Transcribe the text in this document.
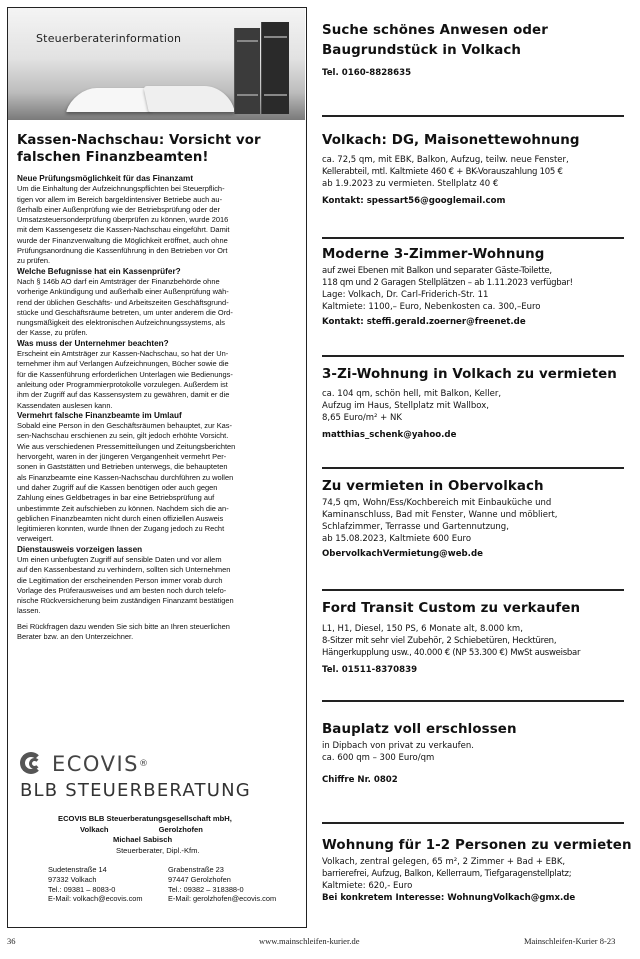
Steuerberaterinformation
Kassen-Nachschau: Vorsicht vor falschen Finanzbeamten!
Neue Prüfungsmöglichkeit für das Finanzamt

Um die Einhaltung der Aufzeichnungspflichten bei Steuerpflich-

tigen vor allem im Bereich bargeldintensiver Betriebe auch au-

ßerhalb einer Außenprüfung wie der Betriebsprüfung oder der

Umsatzsteuersonderprüfung überprüfen zu können, wurde 2016

mit dem Kassengesetz die Kassen-Nachschau eingeführt. Damit

wurde der Finanzverwaltung die Möglichkeit eröffnet, auch ohne

Prüfungsanordnung die Kassenführung in den Betrieben vor Ort

zu prüfen.

Welche Befugnisse hat ein Kassenprüfer?

Nach § 146b AO darf ein Amtsträger der Finanzbehörde ohne

vorherige Ankündigung und außerhalb einer Außenprüfung wäh-

rend der üblichen Geschäfts- und Arbeitszeiten Geschäftsgrund-

stücke und Geschäftsräume betreten, um unter anderem die Ord-

nungsmäßigkeit des elektronischen Aufzeichnungssystems, als

der Kasse, zu prüfen.

Was muss der Unternehmer beachten?

Erscheint ein Amtsträger zur Kassen-Nachschau, so hat der Un-

ternehmer ihm auf Verlangen Aufzeichnungen, Bücher sowie die

für die Kassenführung erforderlichen Unterlagen wie Bedienungs-

anleitung oder Programmierprotokolle vorzulegen. Außerdem ist

ihm der Zugriff auf das Kassensystem zu gewähren, damit er die

Kassendaten auslesen kann.

Vermehrt falsche Finanzbeamte im Umlauf

Sobald eine Person in den Geschäftsräumen behauptet, zur Kas-

sen-Nachschau erschienen zu sein, gilt jedoch erhöhte Vorsicht.

Wie aus verschiedenen Pressemitteilungen und Zeitungsberichten

hervorgeht, waren in der jüngeren Vergangenheit vermehrt Per-

sonen in Gaststätten und Betrieben unterwegs, die behaupteten

als Finanzbeamte eine Kassen-Nachschau durchführen zu wollen

und daher Zugriff auf die Kassen benötigen oder auch gegen

Zahlung eines Geldbetrages in bar eine Betriebsprüfung auf

unbestimmte Zeit aufschieben zu können. Nachdem sich die an-

geblichen Finanzbeamten nicht durch einen offiziellen Ausweis

legitimieren konnten, wurde Ihnen der Zugang jedoch zu Recht

verweigert.

Dienstausweis vorzeigen lassen

Um einen unbefugten Zugriff auf sensible Daten und vor allem

auf den Kassenbestand zu verhindern, sollten sich Unternehmen

die Legitimation der erscheinenden Person immer vorab durch

Vorlage des Prüferausweises und am besten noch durch telefo-

nische Rückversicherung beim zuständigen Finanzamt bestätigen

lassen.

Bei Rückfragen dazu wenden Sie sich bitte an Ihren steuerlichen

Berater bzw. an den Unterzeichner.

ECOVIS ®
BLB STEUERBERATUNG
ECOVIS BLB Steuerberatungsgesellschaft mbH,
Volkach	Gerolzhofen
Michael Sabisch
Steuerberater, Dipl.-Kfm.
Sudetenstraße 14
97332 Volkach
Tel.: 09381 – 8083-0
E-Mail: volkach@ecovis.com
Grabenstraße 23
97447 Gerolzhofen
Tel.: 09382 – 318388-0
E-Mail: gerolzhofen@ecovis.com
Suche schönes Anwesen oder
Baugrundstück in Volkach

Tel. 0160-8828635
Volkach: DG, Maisonettewohnung

ca. 72,5 qm, mit EBK, Balkon, Aufzug, teilw. neue Fenster,

Kellerabteil, mtl. Kaltmiete 460 € + BK-Vorauszahlung 105 €

ab 1.9.2023 zu vermieten. Stellplatz 40 €

Kontakt: spessart56@googlemail.com
Moderne 3-Zimmer-Wohnung

auf zwei Ebenen mit Balkon und separater Gäste-Toilette,

118 qm und 2 Garagen Stellplätzen – ab 1.11.2023 verfügbar!

Lage: Volkach, Dr. Carl-Friderich-Str. 11

Kaltmiete: 1100,– Euro, Nebenkosten ca. 300,–Euro

Kontakt: steffi.gerald.zoerner@freenet.de
3-Zi-Wohnung in Volkach zu vermieten

ca. 104 qm, schön hell, mit Balkon, Keller,

Aufzug im Haus, Stellplatz mit Wallbox,

8,65 Euro/m² + NK

matthias_schenk@yahoo.de
Zu vermieten in Obervolkach

74,5 qm, Wohn/Ess/Kochbereich mit Einbauküche und

Kaminanschluss, Bad mit Fenster, Wanne und möbliert,

Schlafzimmer, Terrasse und Gartennutzung,

ab 15.08.2023, Kaltmiete 600 Euro

ObervolkachVermietung@web.de
Ford Transit Custom zu verkaufen

L1, H1, Diesel, 150 PS, 6 Monate alt, 8.000 km,

8-Sitzer mit sehr viel Zubehör, 2 Schiebetüren, Hecktüren,

Hängerkupplung usw., 40.000 € (NP 53.300 €) MwSt ausweisbar

Tel. 01511-8370839
Bauplatz voll erschlossen

in Dipbach von privat zu verkaufen.

ca. 600 qm – 300 Euro/qm

Chiffre Nr. 0802
Wohnung für 1-2 Personen zu vermieten

Volkach, zentral gelegen, 65 m², 2 Zimmer + Bad + EBK,

barrierefrei, Aufzug, Balkon, Kellerraum, Tiefgaragenstellplatz;

Kaltmiete: 620,- Euro

Bei konkretem Interesse: WohnungVolkach@gmx.de
36	www.mainschleifen-kurier.de	Mainschleifen-Kurier 8-23
